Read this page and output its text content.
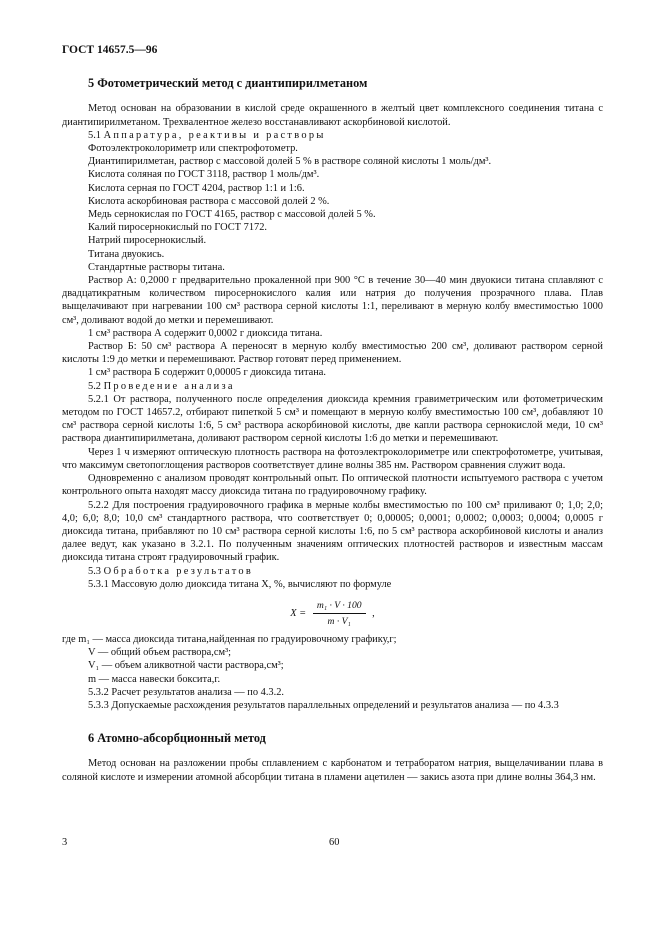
ГОСТ 14657.5—96
5 Фотометрический метод с диантипирилметаном

Метод основан на образовании в кислой среде окрашенного в желтый цвет комплексного соединения титана с диантипирилметаном. Трехвалентное железо восстанавливают аскорбиновой кислотой.

5.1 Аппаратура, реактивы и растворы

Фотоэлектроколориметр или спектрофотометр.

Диантипирилметан, раствор с массовой долей 5 % в растворе соляной кислоты 1 моль/дм³.

Кислота соляная по ГОСТ 3118, раствор 1 моль/дм³.

Кислота серная по ГОСТ 4204, раствор 1:1 и 1:6.

Кислота аскорбиновая раствора с массовой долей 2 %.

Медь сернокислая по ГОСТ 4165, раствор с массовой долей 5 %.

Калий пиросернокислый по ГОСТ 7172.

Натрий пиросернокислый.

Титана двуокись.

Стандартные растворы титана.

Раствор А: 0,2000 г предварительно прокаленной при 900 °С в течение 30—40 мин двуокиси титана сплавляют с двадцатикратным количеством пиросернокислого калия или натрия до получения прозрачного плава. Плав выщелачивают при нагревании 100 см³ раствора серной кислоты 1:1, переливают в мерную колбу вместимостью 1000 см³, доливают водой до метки и перемешивают.

1 см³ раствора А содержит 0,0002 г диоксида титана.

Раствор Б: 50 см³ раствора А переносят в мерную колбу вместимостью 200 см³, доливают раствором серной кислоты 1:9 до метки и перемешивают. Раствор готовят перед применением.

1 см³ раствора Б содержит 0,00005 г диоксида титана.

5.2 Проведение анализа

5.2.1 От раствора, полученного после определения диоксида кремния гравиметрическим или фотометрическим методом по ГОСТ 14657.2, отбирают пипеткой 5 см³ и помещают в мерную колбу вместимостью 100 см³, добавляют 10 см³ раствора серной кислоты 1:6, 5 см³ раствора аскорбиновой кислоты, две капли раствора сернокислой меди, 10 см³ раствора диантипирилметана, доливают раствором серной кислоты 1:6 до метки и перемешивают.

Через 1 ч измеряют оптическую плотность раствора на фотоэлектроколориметре или спектрофотометре, учитывая, что максимум светопоглощения растворов соответствует длине волны 385 нм. Раствором сравнения служит вода.

Одновременно с анализом проводят контрольный опыт. По оптической плотности испытуемого раствора с учетом контрольного опыта находят массу диоксида титана по градуировочному графику.

5.2.2 Для построения градуировочного графика в мерные колбы вместимостью по 100 см³ приливают 0; 1,0; 2,0; 4,0; 6,0; 8,0; 10,0 см³ стандартного раствора, что соответствует 0; 0,00005; 0,0001; 0,0002; 0,0003; 0,0004; 0,0005 г диоксида титана, прибавляют по 10 см³ раствора серной кислоты 1:6, по 5 см³ раствора аскорбиновой кислоты и анализ далее ведут, как указано в 3.2.1. По полученным значениям оптических плотностей растворов и известным массам диоксида титана строят градуировочный график.

5.3 Обработка результатов

5.3.1 Массовую долю диоксида титана X, %, вычисляют по формуле

$X = \frac{\text{m₁ · V · 100}}{\text{m · V₁}}$ ,

где m₁ — масса диоксида титана,найденная по градуировочному графику,г;

V — общий объем раствора,см³;

V₁ — объем аликвотной части раствора,см³;

m — масса навески боксита,г.

5.3.2 Расчет результатов анализа — по 4.3.2.

5.3.3 Допускаемые расхождения результатов параллельных определений и результатов анализа — по 4.3.3

6 Атомно-абсорбционный метод

Метод основан на разложении пробы сплавлением с карбонатом и тетраборатом натрия, выщелачивании плава в соляной кислоте и измерении атомной абсорбции титана в пламени ацетилен — закись азота при длине волны 364,3 нм.

3	60
